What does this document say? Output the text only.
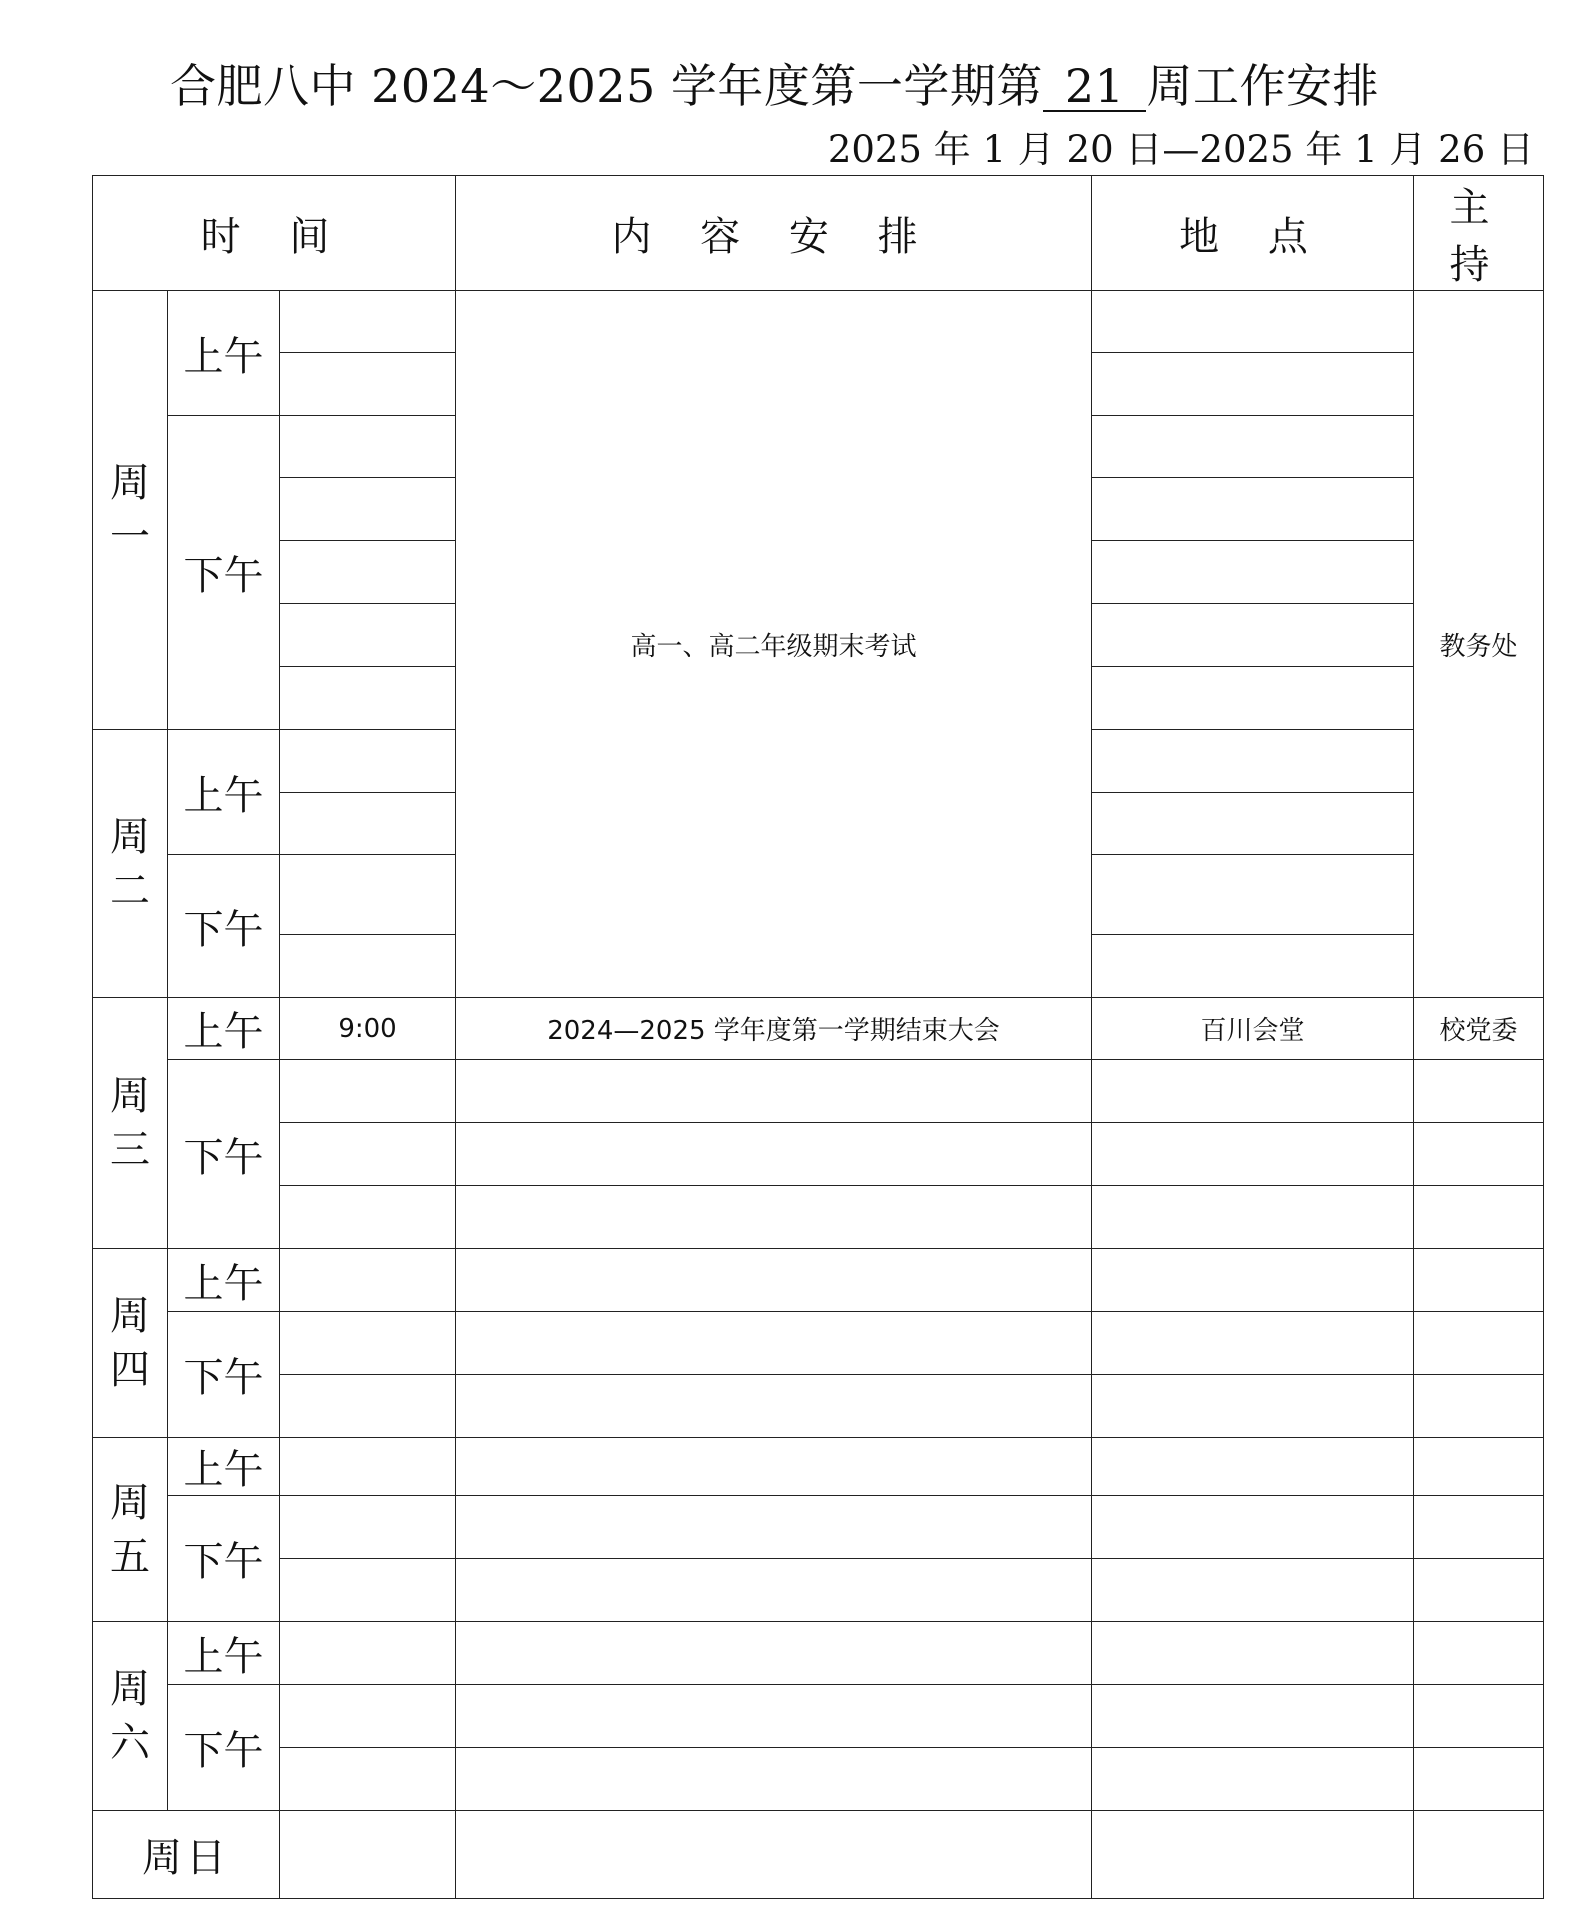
合肥八中 2024～2025 学年度第一学期第 21 周工作安排
2025 年 1 月 20 日—2025 年 1 月 26 日
时 间			内 容 安 排	地 点	主 持

周
一	上午		高一、高二年级期末考试		教务处

	下午				

周
二	上午				

	下午				

周
三	上午	9:00	2024—2025 学年度第一学期结束大会	百川会堂	校党委
	下午				

周
四	上午				
	下午				

周
五	上午				
	下午				

周
六	上午				
	下午				

周日					
